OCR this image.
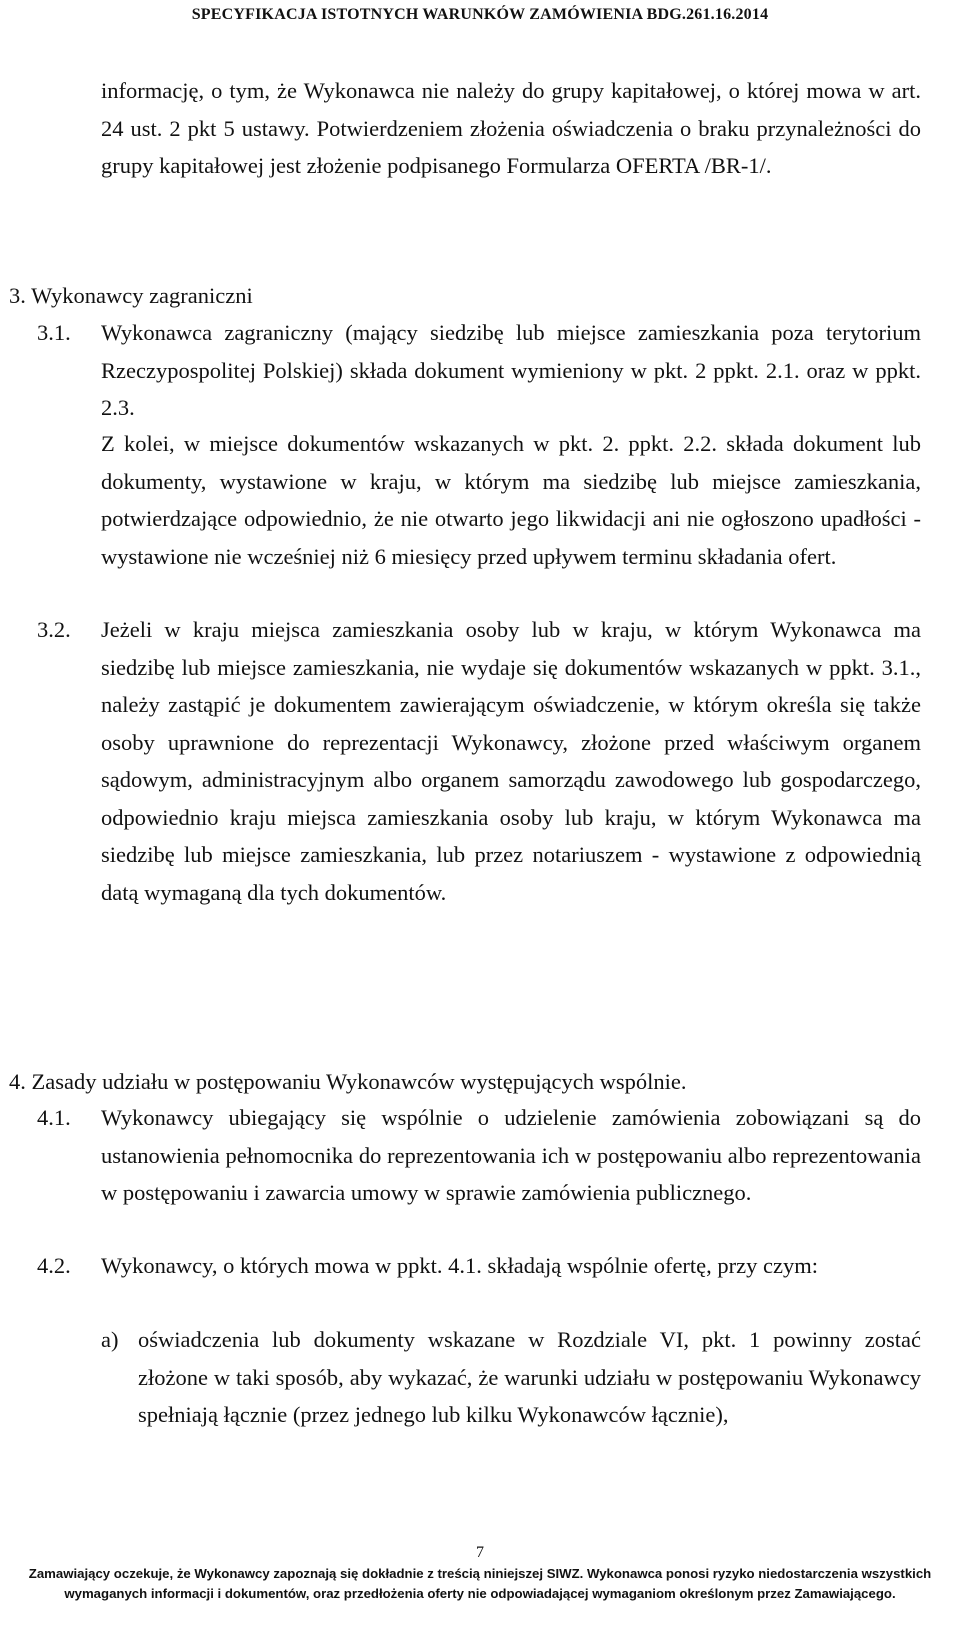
SPECYFIKACJA ISTOTNYCH WARUNKÓW ZAMÓWIENIA BDG.261.16.2014
informację, o tym, że Wykonawca nie należy do grupy kapitałowej, o której mowa w art. 24 ust. 2 pkt 5 ustawy. Potwierdzeniem złożenia oświadczenia o braku przynależności do grupy kapitałowej jest złożenie podpisanego Formularza OFERTA /BR-1/.
3. Wykonawcy zagraniczni
3.1. Wykonawca zagraniczny (mający siedzibę lub miejsce zamieszkania poza terytorium Rzeczypospolitej Polskiej) składa dokument wymieniony w pkt. 2 ppkt. 2.1. oraz w ppkt. 2.3.
Z kolei, w miejsce dokumentów wskazanych w pkt. 2. ppkt. 2.2. składa dokument lub dokumenty, wystawione w kraju, w którym ma siedzibę lub miejsce zamieszkania, potwierdzające odpowiednio, że nie otwarto jego likwidacji ani nie ogłoszono upadłości - wystawione nie wcześniej niż 6 miesięcy przed upływem terminu składania ofert.
3.2. Jeżeli w kraju miejsca zamieszkania osoby lub w kraju, w którym Wykonawca ma siedzibę lub miejsce zamieszkania, nie wydaje się dokumentów wskazanych w ppkt. 3.1., należy zastąpić je dokumentem zawierającym oświadczenie, w którym określa się także osoby uprawnione do reprezentacji Wykonawcy, złożone przed właściwym organem sądowym, administracyjnym albo organem samorządu zawodowego lub gospodarczego, odpowiednio kraju miejsca zamieszkania osoby lub kraju, w którym Wykonawca ma siedzibę lub miejsce zamieszkania, lub przez notariuszem - wystawione z odpowiednią datą wymaganą dla tych dokumentów.
4. Zasady udziału w postępowaniu Wykonawców występujących wspólnie.
4.1. Wykonawcy ubiegający się wspólnie o udzielenie zamówienia zobowiązani są do ustanowienia pełnomocnika do reprezentowania ich w postępowaniu albo reprezentowania w postępowaniu i zawarcia umowy w sprawie zamówienia publicznego.
4.2. Wykonawcy, o których mowa w ppkt. 4.1. składają wspólnie ofertę, przy czym:
a) oświadczenia lub dokumenty wskazane w Rozdziale VI, pkt. 1 powinny zostać złożone w taki sposób, aby wykazać, że warunki udziału w postępowaniu Wykonawcy spełniają łącznie (przez jednego lub kilku Wykonawców łącznie),
7
Zamawiający oczekuje, że Wykonawcy zapoznają się dokładnie z treścią niniejszej SIWZ. Wykonawca ponosi ryzyko niedostarczenia wszystkich
wymaganych informacji i dokumentów, oraz przedłożenia oferty nie odpowiadającej wymaganiom określonym przez Zamawiającego.
